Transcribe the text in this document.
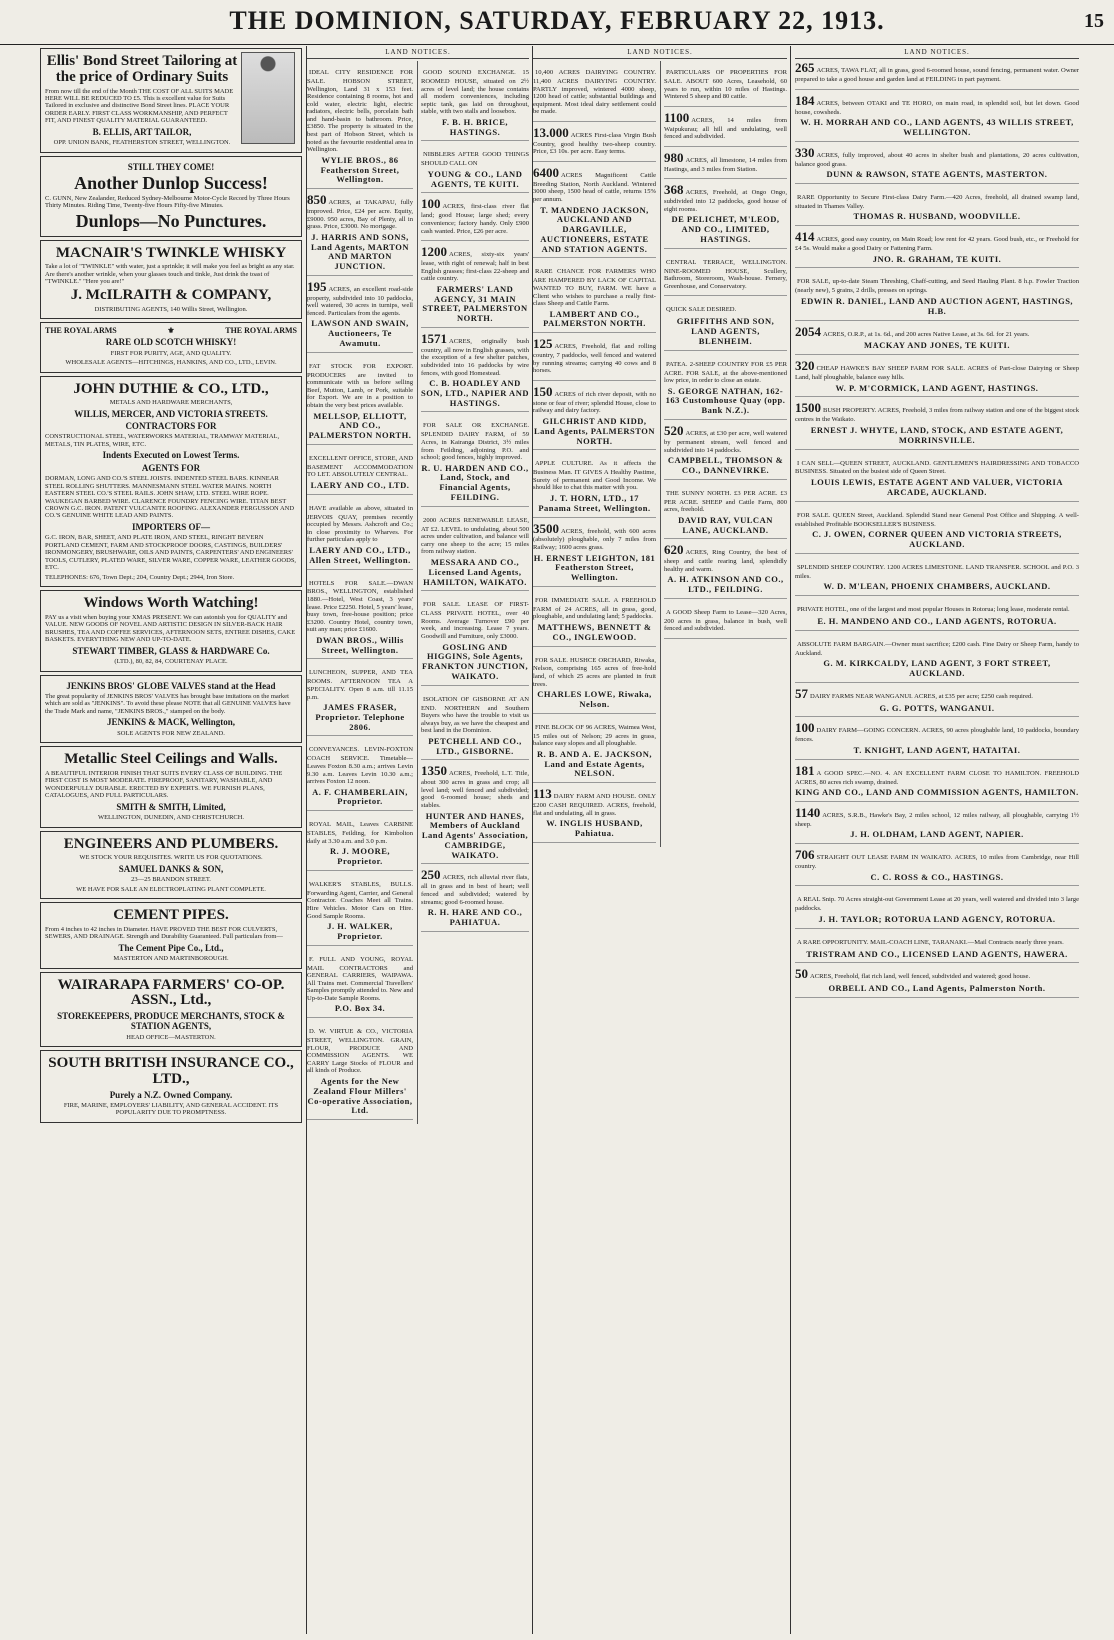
THE DOMINION, SATURDAY, FEBRUARY 22, 1913.	15
Ellis' Bond Street Tailoring at the price of Ordinary Suits
From now till the end of the Month THE COST OF ALL SUITS MADE HERE WILL BE REDUCED TO £5. This is excellent value for Suits Tailored in exclusive and distinctive Bond Street lines. PLACE YOUR ORDER EARLY. FIRST CLASS WORKMANSHIP, AND PERFECT FIT, AND FINEST QUALITY MATERIAL GUARANTEED.
B. ELLIS, ART TAILOR,
OPP. UNION BANK, FEATHERSTON STREET, WELLINGTON.
STILL THEY COME!
Another Dunlop Success!
C. GUNN, New Zealander, Reduced Sydney-Melbourne Motor-Cycle Record by Three Hours Thirty Minutes. Riding Time, Twenty-five Hours Fifty-five Minutes.
Dunlops—No Punctures.
MACNAIR'S TWINKLE WHISKY
Take a lot of "TWINKLE" with water, just a sprinkle; it will make you feel as bright as any star. Are there's another wrinkle, when your glasses touch and tinkle, Just drink the toast of "TWINKLE." "Here you are!"
J. McILRAITH & COMPANY,
DISTRIBUTING AGENTS, 140 Willis Street, Wellington.
THE ROYAL ARMS	⚜	THE ROYAL ARMS
RARE OLD SCOTCH WHISKY!
FIRST FOR PURITY, AGE, AND QUALITY.
WHOLESALE AGENTS—HITCHINGS, HANKINS, AND CO., LTD., LEVIN.
JOHN DUTHIE & CO., LTD.,
METALS AND HARDWARE MERCHANTS,
WILLIS, MERCER, AND VICTORIA STREETS.
CONTRACTORS FOR
CONSTRUCTIONAL STEEL, WATERWORKS MATERIAL, TRAMWAY MATERIAL, METALS, TIN PLATES, WIRE, ETC.
Indents Executed on Lowest Terms.
AGENTS FOR
DORMAN, LONG AND CO.'S STEEL JOISTS. INDENTED STEEL BARS. KINNEAR STEEL ROLLING SHUTTERS. MANNESMANN STEEL WATER MAINS. NORTH EASTERN STEEL CO.'S STEEL RAILS. JOHN SHAW, LTD. STEEL WIRE ROPE. WAUKEGAN BARBED WIRE. CLARENCE FOUNDRY FENCING WIRE. TITAN BEST CROWN G.C. IRON. PATENT VULCANITE ROOFING. ALEXANDER FERGUSSON AND CO.'S GENUINE WHITE LEAD AND PAINTS.
IMPORTERS OF—
G.C. IRON, BAR, SHEET, AND PLATE IRON, AND STEEL, RINGHT BEVERN PORTLAND CEMENT, FARM AND STOCKPROOF DOORS, CASTINGS, BUILDERS' IRONMONGERY, BRUSHWARE, OILS AND PAINTS, CARPENTERS' AND ENGINEERS' TOOLS, CUTLERY, PLATED WARE, SILVER WARE, COPPER WARE, LEATHER GOODS, ETC.
TELEPHONES: 676, Town Dept.; 204, Country Dept.; 2944, Iron Store.
Windows Worth Watching!
PAY us a visit when buying your XMAS PRESENT. We can astonish you for QUALITY and VALUE. NEW GOODS OF NOVEL AND ARTISTIC DESIGN IN SILVER-BACK HAIR BRUSHES, TEA AND COFFEE SERVICES, AFTERNOON SETS, ENTREE DISHES, CAKE BASKETS. EVERYTHING NEW AND UP-TO-DATE.
STEWART TIMBER, GLASS & HARDWARE Co.
(LTD.), 80, 82, 84, COURTENAY PLACE.
JENKINS BROS' GLOBE VALVES stand at the Head
The great popularity of JENKINS BROS' VALVES has brought base imitations on the market which are sold as "JENKINS". To avoid these please NOTE that all GENUINE VALVES have the Trade Mark and name, "JENKINS BROS.," stamped on the body.
JENKINS & MACK, Wellington,
SOLE AGENTS FOR NEW ZEALAND.
Metallic Steel Ceilings and Walls.
A BEAUTIFUL INTERIOR FINISH THAT SUITS EVERY CLASS OF BUILDING. THE FIRST COST IS MOST MODERATE. FIREPROOF, SANITARY, WASHABLE, AND WONDERFULLY DURABLE. ERECTED BY EXPERTS. WE FURNISH PLANS, CATALOGUES, AND FULL PARTICULARS.
SMITH & SMITH, Limited,
WELLINGTON, DUNEDIN, AND CHRISTCHURCH.
ENGINEERS AND PLUMBERS.
WE STOCK YOUR REQUISITES. WRITE US FOR QUOTATIONS.
SAMUEL DANKS & SON,
23—25 BRANDON STREET.
WE HAVE FOR SALE AN ELECTROPLATING PLANT COMPLETE.
CEMENT PIPES.
From 4 inches to 42 inches in Diameter. HAVE PROVED THE BEST FOR CULVERTS, SEWERS, AND DRAINAGE. Strength and Durability Guaranteed. Full particulars from—
The Cement Pipe Co., Ltd.,
MASTERTON AND MARTINBOROUGH.
WAIRARAPA FARMERS' CO-OP. ASSN., Ltd.,
STOREKEEPERS, PRODUCE MERCHANTS, STOCK & STATION AGENTS,
HEAD OFFICE—MASTERTON.
SOUTH BRITISH INSURANCE CO., LTD.,
Purely a N.Z. Owned Company.
FIRE, MARINE, EMPLOYERS' LIABILITY, AND GENERAL ACCIDENT. ITS POPULARITY DUE TO PROMPTNESS.
LAND NOTICES.
IDEAL CITY RESIDENCE FOR SALE. HOBSON STREET, Wellington, Land 31 x 153 feet. Residence containing 8 rooms, hot and cold water, electric light, electric radiators, electric bells, porcelain bath and hand-basin to bathroom. Price, £3850. The property is situated in the best part of Hobson Street, which is noted as the favourite residential area in Wellington.
WYLIE BROS., 86 Featherston Street, Wellington.
850 ACRES, at TAKAPAU, fully improved. Price, £24 per acre. Equity, £9000. 950 acres, Bay of Plenty, all in grass. Price, £3000. No mortgage.
J. HARRIS AND SONS, Land Agents, MARTON AND MARTON JUNCTION.
195 ACRES, an excellent road-side property, subdivided into 10 paddocks, well watered, 30 acres in turnips, well fenced. Particulars from the agents.
LAWSON AND SWAIN, Auctioneers, Te Awamutu.
FAT STOCK FOR EXPORT. PRODUCERS are invited to communicate with us before selling Beef, Mutton, Lamb, or Pork, suitable for Export. We are in a position to obtain the very best prices available.
MELLSOP, ELLIOTT, AND CO., PALMERSTON NORTH.
EXCELLENT OFFICE, STORE, AND BASEMENT ACCOMMODATION TO LET. ABSOLUTELY CENTRAL.
LAERY AND CO., LTD.
HAVE available as above, situated in JERVOIS QUAY, premises recently occupied by Messrs. Ashcroft and Co.; in close proximity to Wharves. For further particulars apply to
LAERY AND CO., LTD., Allen Street, Wellington.
HOTELS FOR SALE.—DWAN BROS., WELLINGTON, established 1880.—Hotel, West Coast, 3 years' lease. Price £2250. Hotel, 5 years' lease, busy town, free-house position; price £3200. Country Hotel, country town, suit any man; price £1600.
DWAN BROS., Willis Street, Wellington.
LUNCHEON, SUPPER, AND TEA ROOMS. AFTERNOON TEA A SPECIALITY. Open 8 a.m. till 11.15 p.m.
JAMES FRASER, Proprietor. Telephone 2806.
CONVEYANCES. LEVIN-FOXTON COACH SERVICE. Timetable—Leaves Foxton 8.30 a.m.; arrives Levin 9.30 a.m. Leaves Levin 10.30 a.m.; arrives Foxton 12 noon.
A. F. CHAMBERLAIN, Proprietor.
ROYAL MAIL, Leaves CARBINE STABLES, Feilding, for Kimbolton daily at 3.30 a.m. and 3.0 p.m.
R. J. MOORE, Proprietor.
WALKER'S STABLES, BULLS. Forwarding Agent, Carrier, and General Contractor. Coaches Meet all Trains. Hire Vehicles. Motor Cars on Hire. Good Sample Rooms.
J. H. WALKER, Proprietor.
F. FULL AND YOUNG, ROYAL MAIL CONTRACTORS and GENERAL CARRIERS, WAIPAWA. All Trains met. Commercial Travellers' Samples promptly attended to. New and Up-to-Date Sample Rooms.
P.O. Box 34.
D. W. VIRTUE & CO., VICTORIA STREET, WELLINGTON. GRAIN, FLOUR, PRODUCE AND COMMISSION AGENTS. WE CARRY Large Stocks of FLOUR and all kinds of Produce.
Agents for the New Zealand Flour Millers' Co-operative Association, Ltd.
GOOD SOUND EXCHANGE. 15 ROOMED HOUSE, situated on 2½ acres of level land; the house contains all modern conveniences, including septic tank, gas laid on throughout, stable, with two stalls and loosebox.
F. B. H. BRICE, HASTINGS.
NIBBLERS AFTER GOOD THINGS SHOULD CALL ON
YOUNG & CO., LAND AGENTS, TE KUITI.
100 ACRES, first-class river flat land; good House; large shed; every convenience; factory handy. Only £900 cash wanted. Price, £26 per acre.
1200 ACRES, sixty-six years' lease, with right of renewal; half in best English grasses; first-class 22-sheep and cattle country.
FARMERS' LAND AGENCY, 31 MAIN STREET, PALMERSTON NORTH.
1571 ACRES, originally bush country, all now in English grasses, with the exception of a few shelter patches, subdivided into 16 paddocks by wire fences, with good Homestead.
C. B. HOADLEY AND SON, LTD., NAPIER AND HASTINGS.
FOR SALE OR EXCHANGE. SPLENDID DAIRY FARM, of 59 Acres, in Kairanga District, 3½ miles from Feilding, adjoining P.O. and school; good fences, highly improved.
R. U. HARDEN AND CO., Land, Stock, and Financial Agents, FEILDING.
2000 ACRES RENEWABLE LEASE, AT £2. LEVEL to undulating, about 500 acres under cultivation, and balance will carry one sheep to the acre; 15 miles from railway station.
MESSARA AND CO., Licensed Land Agents, HAMILTON, WAIKATO.
FOR SALE. LEASE OF FIRST-CLASS PRIVATE HOTEL, over 40 Rooms. Average Turnover £90 per week, and increasing. Lease 7 years. Goodwill and Furniture, only £3000.
GOSLING AND HIGGINS, Sole Agents, FRANKTON JUNCTION, WAIKATO.
ISOLATION OF GISBORNE AT AN END. NORTHERN and Southern Buyers who have the trouble to visit us always buy, as we have the cheapest and best land in the Dominion.
PETCHELL AND CO., LTD., GISBORNE.
1350 ACRES, Freehold, L.T. Title, about 300 acres in grass and crop; all level land; well fenced and subdivided; good 6-roomed house; sheds and stables.
HUNTER AND HANES, Members of Auckland Land Agents' Association, CAMBRIDGE, WAIKATO.
250 ACRES, rich alluvial river flats, all in grass and in best of heart; well fenced and subdivided; watered by streams; good 6-roomed house.
R. H. HARE AND CO., PAHIATUA.
LAND NOTICES.
10,400 ACRES DAIRYING COUNTRY. 11,400 ACRES DAIRYING COUNTRY. PARTLY improved, wintered 4000 sheep, 1200 head of cattle; substantial buildings and equipment. Most ideal dairy settlement could be made.
13.000 ACRES First-class Virgin Bush Country, good healthy two-sheep country. Price, £3 10s. per acre. Easy terms.
6400 ACRES Magnificent Cattle Breeding Station, North Auckland. Wintered 3000 sheep, 1500 head of cattle, returns 15% per annum.
T. MANDENO JACKSON, AUCKLAND AND DARGAVILLE, AUCTIONEERS, ESTATE AND STATION AGENTS.
RARE CHANCE FOR FARMERS WHO ARE HAMPERED BY LACK OF CAPITAL WANTED TO BUY, FARM. WE have a Client who wishes to purchase a really first-class Sheep and Cattle Farm.
LAMBERT AND CO., PALMERSTON NORTH.
125 ACRES, Freehold, flat and rolling country, 7 paddocks, well fenced and watered by running streams; carrying 40 cows and 8 horses.
150 ACRES of rich river deposit, with no stone or fear of river; splendid House, close to railway and dairy factory.
GILCHRIST AND KIDD, Land Agents, PALMERSTON NORTH.
APPLE CULTURE. As it affects the Business Man. IT GIVES A Healthy Pastime, Surety of permanent and Good Income. We should like to chat this matter with you.
J. T. HORN, LTD., 17 Panama Street, Wellington.
3500 ACRES, freehold, with 600 acres (absolutely) ploughable, only 7 miles from Railway; 1600 acres grass.
H. ERNEST LEIGHTON, 181 Featherston Street, Wellington.
FOR IMMEDIATE SALE. A FREEHOLD FARM of 24 ACRES, all in grass, good, ploughable, and undulating land; 5 paddocks.
MATTHEWS, BENNETT & CO., INGLEWOOD.
FOR SALE. HUSHCE ORCHARD, Riwaka, Nelson, comprising 165 acres of free-hold land, of which 25 acres are planted in fruit trees.
CHARLES LOWE, Riwaka, Nelson.
FINE BLOCK OF 96 ACRES, Waimea West, 15 miles out of Nelson; 29 acres in grass, balance easy slopes and all ploughable.
R. B. AND A. E. JACKSON, Land and Estate Agents, NELSON.
113 DAIRY FARM AND HOUSE. ONLY £200 CASH REQUIRED. ACRES, freehold, flat and undulating, all in grass.
W. INGLIS HUSBAND, Pahiatua.
PARTICULARS OF PROPERTIES FOR SALE. ABOUT 600 Acres, Leasehold, 60 years to run, within 10 miles of Hastings. Wintered 5 sheep and 80 cattle.
1100 ACRES, 14 miles from Waipukurau; all hill and undulating, well fenced and subdivided.
980 ACRES, all limestone, 14 miles from Hastings, and 3 miles from Station.
368 ACRES, Freehold, at Ongo Ongo, subdivided into 12 paddocks, good house of eight rooms.
DE PELICHET, M'LEOD, AND CO., LIMITED, HASTINGS.
CENTRAL TERRACE, WELLINGTON. NINE-ROOMED HOUSE, Scullery, Bathroom, Storeroom, Wash-house. Fernery, Greenhouse, and Conservatory.
QUICK SALE DESIRED.
GRIFFITHS AND SON, LAND AGENTS, BLENHEIM.
PATEA. 2-SHEEP COUNTRY FOR £5 PER ACRE. FOR SALE, at the above-mentioned low price, in order to close an estate.
S. GEORGE NATHAN, 162-163 Customhouse Quay (opp. Bank N.Z.).
520 ACRES, at £30 per acre, well watered by permanent stream, well fenced and subdivided into 14 paddocks.
CAMPBELL, THOMSON & CO., DANNEVIRKE.
THE SUNNY NORTH. £3 PER ACRE. £3 PER ACRE. SHEEP and Cattle Farm, 800 acres, freehold.
DAVID RAY, VULCAN LANE, AUCKLAND.
620 ACRES, Ring Country, the best of sheep and cattle rearing land, splendidly healthy and warm.
A. H. ATKINSON AND CO., LTD., FEILDING.
A GOOD Sheep Farm to Lease—320 Acres, 200 acres in grass, balance in bush, well fenced and subdivided.
LAND NOTICES.
265 ACRES, TAWA FLAT, all in grass, good 6-roomed house, sound fencing, permanent water. Owner prepared to take a good house and garden land at FEILDING in part payment.
184 ACRES, between OTAKI and TE HORO, on main road, in splendid soil, but let down. Good house, cowsheds.
W. H. MORRAH AND CO., LAND AGENTS, 43 WILLIS STREET, WELLINGTON.
330 ACRES, fully improved, about 40 acres in shelter bush and plantations, 20 acres cultivation, balance good grass.
DUNN & RAWSON, STATE AGENTS, MASTERTON.
RARE Opportunity to Secure First-class Dairy Farm.—420 Acres, freehold, all drained swamp land, situated in Thames Valley.
THOMAS R. HUSBAND, WOODVILLE.
414 ACRES, good easy country, on Main Road; low rent for 42 years. Good bush, etc., or Freehold for £4 5s. Would make a good Dairy or Fattening Farm.
JNO. R. GRAHAM, TE KUITI.
FOR SALE, up-to-date Steam Threshing, Chaff-cutting, and Seed Hauling Plant. 8 h.p. Fowler Traction (nearly new), 5 grains, 2 drills, presses on springs.
EDWIN R. DANIEL, LAND AND AUCTION AGENT, HASTINGS, H.B.
2054 ACRES, O.R.P., at 1s. 6d., and 200 acres Native Lease, at 3s. 6d. for 21 years.
MACKAY AND JONES, TE KUITI.
320 CHEAP HAWKE'S BAY SHEEP FARM FOR SALE. ACRES of Part-close Dairying or Sheep Land, half ploughable, balance easy hills.
W. P. M'CORMICK, LAND AGENT, HASTINGS.
1500 BUSH PROPERTY. ACRES, Freehold, 3 miles from railway station and one of the biggest stock centres in the Waikato.
ERNEST J. WHYTE, LAND, STOCK, AND ESTATE AGENT, MORRINSVILLE.
I CAN SELL—QUEEN STREET, AUCKLAND. GENTLEMEN'S HAIRDRESSING AND TOBACCO BUSINESS. Situated on the busiest side of Queen Street.
LOUIS LEWIS, ESTATE AGENT AND VALUER, VICTORIA ARCADE, AUCKLAND.
FOR SALE. QUEEN Street, Auckland. Splendid Stand near General Post Office and Shipping. A well-established Profitable BOOKSELLER'S BUSINESS.
C. J. OWEN, CORNER QUEEN AND VICTORIA STREETS, AUCKLAND.
SPLENDID SHEEP COUNTRY. 1200 ACRES LIMESTONE. LAND TRANSFER. SCHOOL and P.O. 3 miles.
W. D. M'LEAN, PHOENIX CHAMBERS, AUCKLAND.
PRIVATE HOTEL, one of the largest and most popular Houses in Rotorua; long lease, moderate rental.
E. H. MANDENO AND CO., LAND AGENTS, ROTORUA.
ABSOLUTE FARM BARGAIN.—Owner must sacrifice; £200 cash. Fine Dairy or Sheep Farm, handy to Auckland.
G. M. KIRKCALDY, LAND AGENT, 3 FORT STREET, AUCKLAND.
57 DAIRY FARMS NEAR WANGANUI. ACRES, at £35 per acre; £250 cash required.
G. G. POTTS, WANGANUI.
100 DAIRY FARM—GOING CONCERN. ACRES, 90 acres ploughable land, 10 paddocks, boundary fences.
T. KNIGHT, LAND AGENT, HATAITAI.
181 A GOOD SPEC.—NO. 4. AN EXCELLENT FARM CLOSE TO HAMILTON. FREEHOLD ACRES, 80 acres rich swamp, drained.
KING AND CO., LAND AND COMMISSION AGENTS, HAMILTON.
1140 ACRES, S.R.B., Hawke's Bay, 2 miles school, 12 miles railway, all ploughable, carrying 1½ sheep.
J. H. OLDHAM, LAND AGENT, NAPIER.
706 STRAIGHT OUT LEASE FARM IN WAIKATO. ACRES, 10 miles from Cambridge, near Hill country.
C. C. ROSS & CO., HASTINGS.
A REAL Snip. 70 Acres straight-out Government Lease at 20 years, well watered and divided into 3 large paddocks.
J. H. TAYLOR; ROTORUA LAND AGENCY, ROTORUA.
A RARE OPPORTUNITY. MAIL-COACH LINE, TARANAKI.—Mail Contracts nearly three years.
TRISTRAM AND CO., LICENSED LAND AGENTS, HAWERA.
50 ACRES, Freehold, flat rich land, well fenced, subdivided and watered; good house.
ORBELL AND CO., Land Agents, Palmerston North.
